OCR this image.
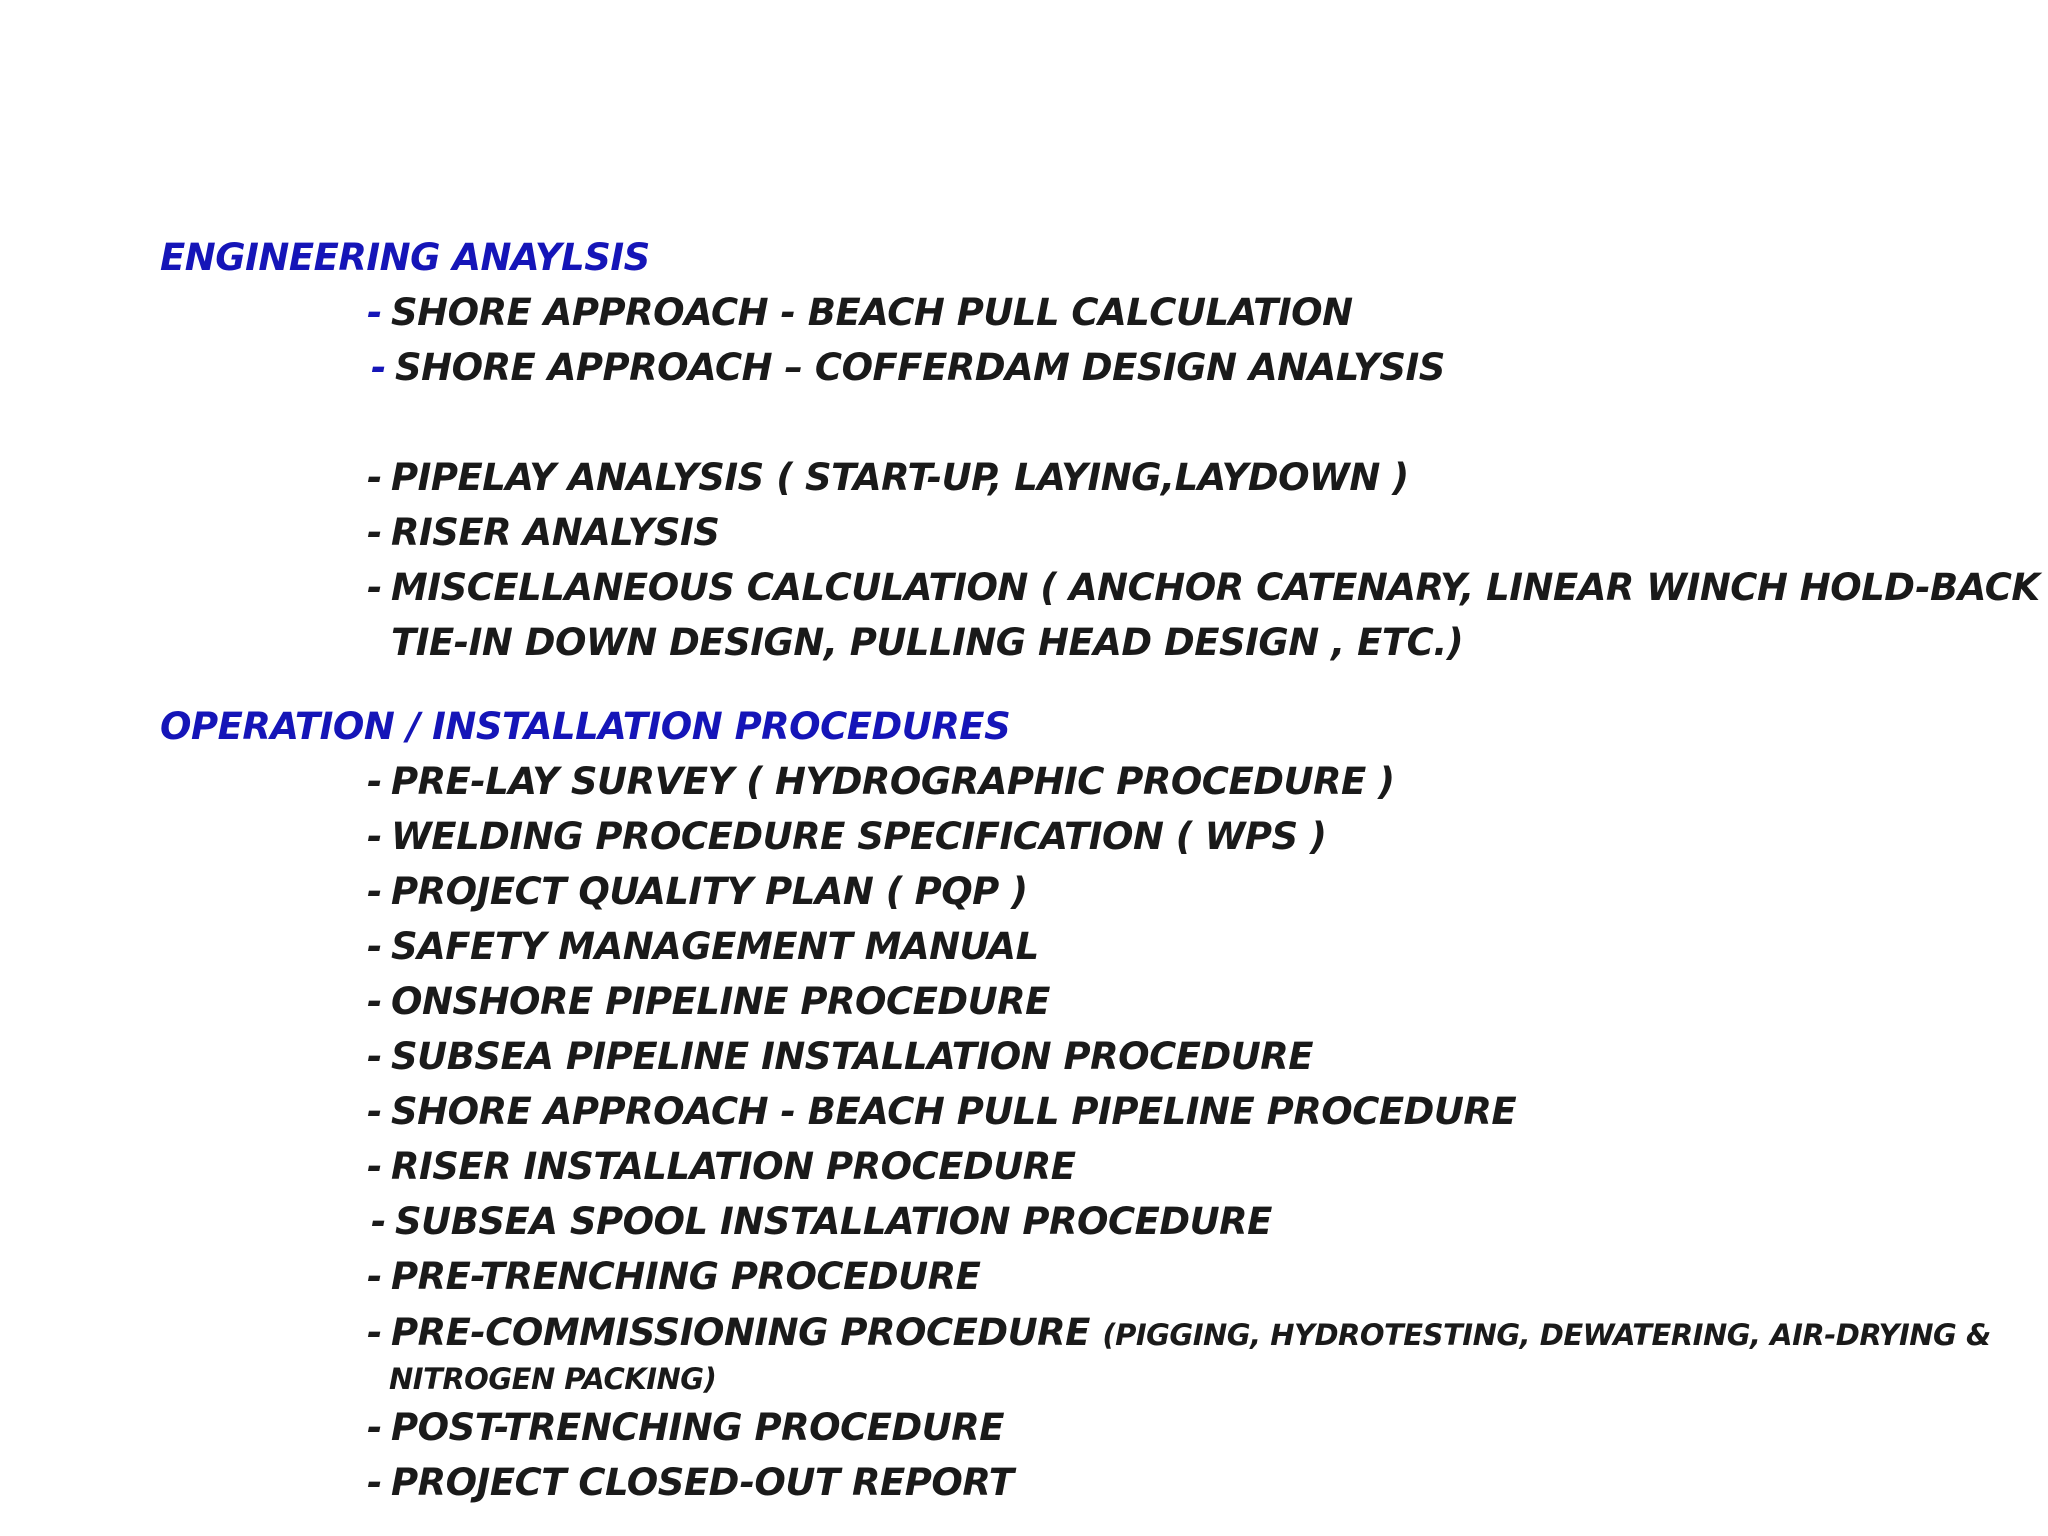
ENGINEERING ANAYLSIS
- SHORE APPROACH - BEACH PULL CALCULATION
- SHORE APPROACH – COFFERDAM DESIGN ANALYSIS
- PIPELAY ANALYSIS ( START-UP, LAYING,LAYDOWN )
- RISER ANALYSIS
- MISCELLANEOUS CALCULATION ( ANCHOR CATENARY, LINEAR WINCH HOLD-BACK
TIE-IN DOWN DESIGN, PULLING HEAD DESIGN , ETC.)
OPERATION / INSTALLATION PROCEDURES
- PRE-LAY SURVEY ( HYDROGRAPHIC PROCEDURE )
- WELDING PROCEDURE SPECIFICATION ( WPS )
- PROJECT QUALITY PLAN ( PQP )
- SAFETY MANAGEMENT MANUAL
- ONSHORE PIPELINE PROCEDURE
- SUBSEA PIPELINE INSTALLATION PROCEDURE
- SHORE APPROACH - BEACH PULL PIPELINE PROCEDURE
- RISER INSTALLATION PROCEDURE
- SUBSEA SPOOL INSTALLATION PROCEDURE
- PRE-TRENCHING PROCEDURE
- PRE-COMMISSIONING PROCEDURE (PIGGING, HYDROTESTING, DEWATERING, AIR-DRYING &
NITROGEN PACKING)
- POST-TRENCHING PROCEDURE
- PROJECT CLOSED-OUT REPORT
